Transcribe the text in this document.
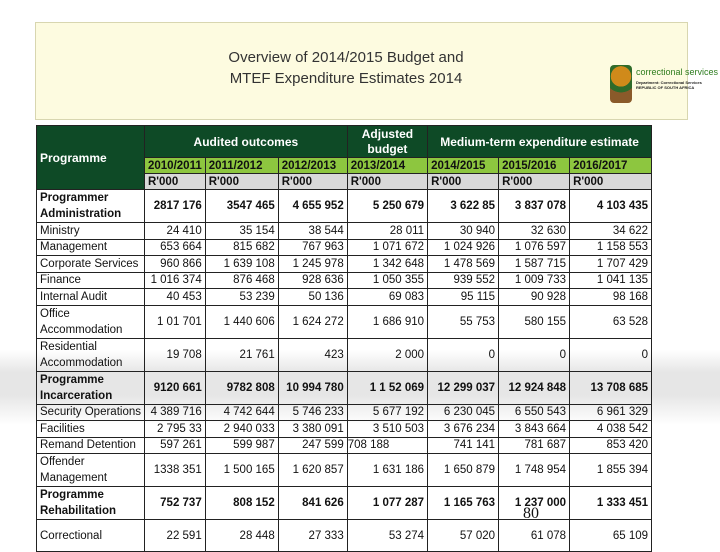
Overview of 2014/2015 Budget and
MTEF Expenditure Estimates 2014	correctional services
Department: Correctional Services REPUBLIC OF SOUTH AFRICA
Programme	Audited outcomes			Adjusted budget	Medium-term expenditure estimate		
	2010/2011	2011/2012	2012/2013	2013/2014	2014/2015	2015/2016	2016/2017
	R'000	R'000	R'000	R'000	R'000	R'000	R'000
Programmer Administration	2817 176	3547 465	4 655 952	5 250 679	3 622 85	3 837 078	4 103 435
Ministry	24 410	35 154	38 544	28 011	30 940	32 630	34 622
Management	653 664	815 682	767 963	1 071 672	1 024 926	1 076 597	1 158 553
Corporate Services	960 866	1 639 108	1 245 978	1 342 648	1 478 569	1 587 715	1 707 429
Finance	1 016 374	876 468	928 636	1 050 355	939 552	1 009 733	1 041 135
Internal Audit	40 453	53 239	50 136	69 083	95 115	90 928	98 168
Office Accommodation	1 01 701	1 440 606	1 624 272	1 686 910	55 753	580 155	63 528
Residential Accommodation	19 708	21 761	423	2 000	0	0	0
Programme Incarceration	9120 661	9782 808	10 994 780	1 1 52 069	12 299 037	12 924 848	13 708 685
Security Operations	4 389 716	4 742 644	5 746 233	5 677 192	6 230 045	6 550 543	6 961 329
Facilities	2 795 33	2 940 033	3 380 091	3 510 503	3 676 234	3 843 664	4 038 542
Remand Detention	597 261	599 987	247 599	708 188	741 141	781 687	853 420
Offender Management	1338 351	1 500 165	1 620 857	1 631 186	1 650 879	1 748 954	1 855 394
Programme Rehabilitation	752 737	808 152	841 626	1 077 287	1 165 763	1 237 000	1 333 451
Correctional	22 591	28 448	27 333	53 274	57 020	61 078	65 109
80
